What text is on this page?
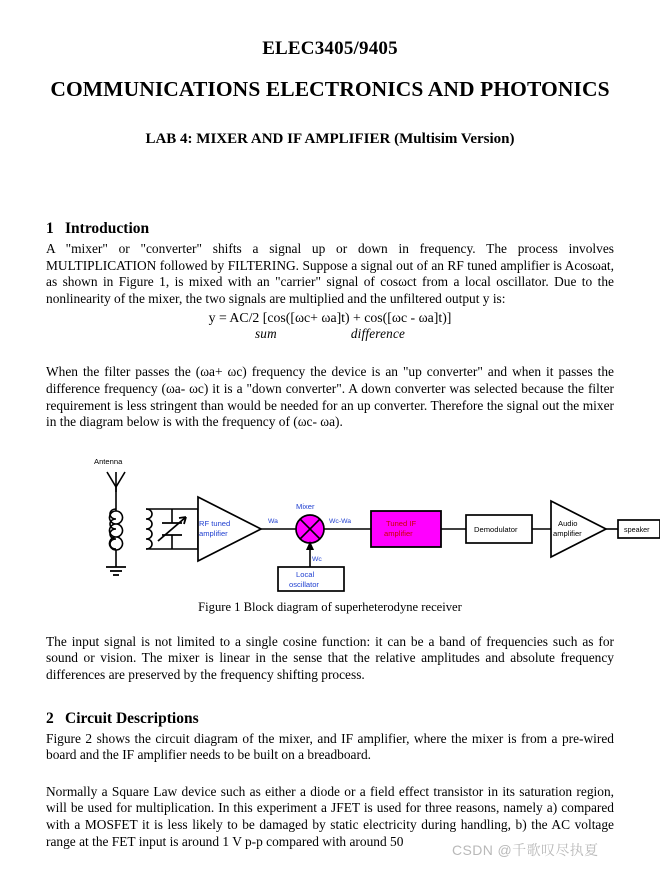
ELEC3405/9405
COMMUNICATIONS ELECTRONICS AND PHOTONICS
LAB 4: MIXER AND IF AMPLIFIER (Multisim Version)
1 Introduction

A "mixer" or "converter" shifts a signal up or down in frequency. The process involves MULTIPLICATION followed by FILTERING. Suppose a signal out of an RF tuned amplifier is Acosωat, as shown in Figure 1, is mixed with an "carrier" signal of cosωct from a local oscillator. Due to the nonlinearity of the mixer, the two signals are multiplied and the unfiltered output y is:

y = AC/2 [cos([ωc+ ωa]t) + cos([ωc - ωa]t)]
sum	difference

When the filter passes the (ωa+ ωc) frequency the device is an "up converter" and when it passes the difference frequency (ωa- ωc) it is a "down converter". A down converter was selected because the filter requirement is less stringent than would be needed for an up converter. Therefore the signal out the mixer in the diagram below is with the frequency of (ωc- ωa).

RF tuned
amplifier
Antenna
Wa
Mixer
Wc-Wa
Local
oscillator
Wc
Tuned IF
amplifier	Demodulator
Audio
amplifier	speaker
Figure 1 Block diagram of superheterodyne receiver

The input signal is not limited to a single cosine function: it can be a band of frequencies such as for sound or vision. The mixer is linear in the sense that the relative amplitudes and absolute frequency differences are preserved by the frequency shifting process.

2 Circuit Descriptions

Figure 2 shows the circuit diagram of the mixer, and IF amplifier, where the mixer is from a pre-wired board and the IF amplifier needs to be built on a breadboard.

Normally a Square Law device such as either a diode or a field effect transistor in its saturation region, will be used for multiplication. In this experiment a JFET is used for three reasons, namely a) compared with a MOSFET it is less likely to be damaged by static electricity during handling, b) the AC voltage range at the FET input is around 1 V p-p compared with around 50

CSDN @千歌叹尽执夏
